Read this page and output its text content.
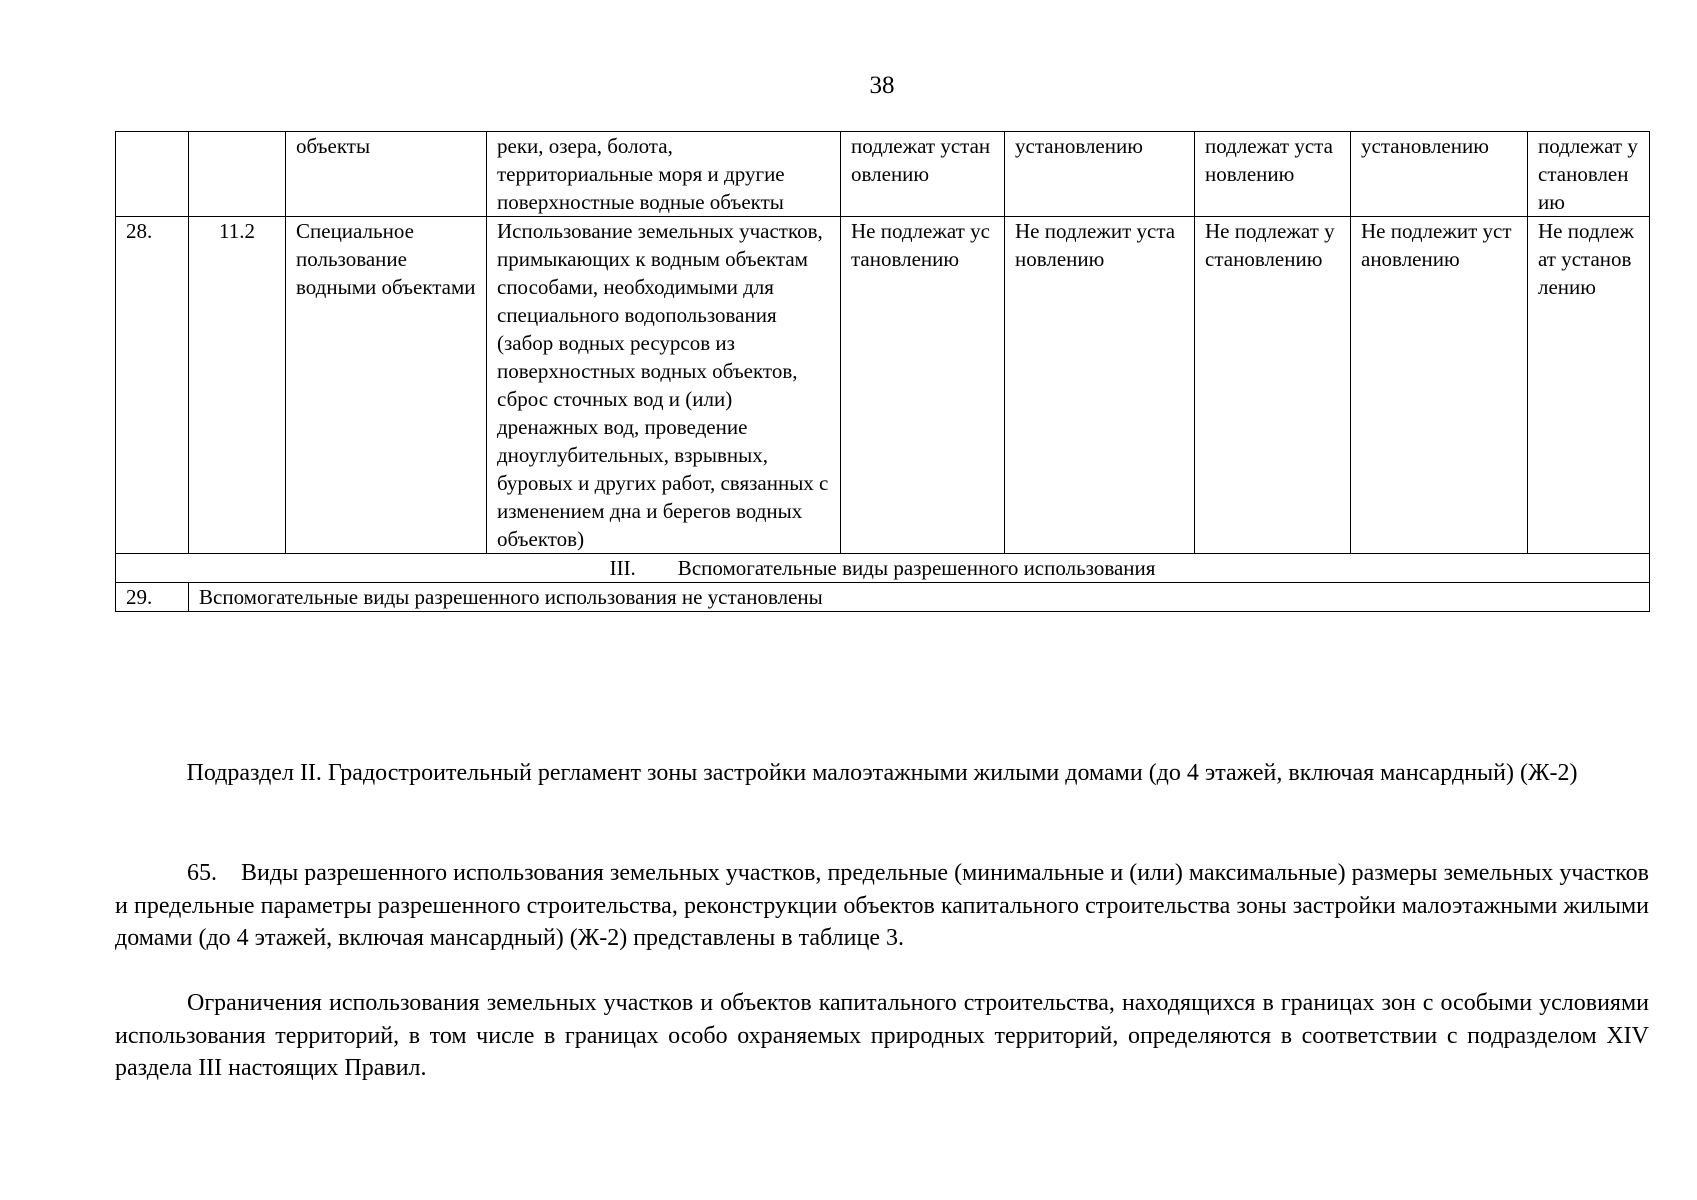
38
		объекты	реки, озера, болота, территориальные моря и другие поверхностные водные объекты	подлежат установлению	установлению	подлежат установлению	установлению	подлежат установлению
28.	11.2	Специальное пользование водными объектами	Использование земельных участков, примыкающих к водным объектам способами, необходимыми для специального водопользования (забор водных ресурсов из поверхностных водных объектов, сброс сточных вод и (или) дренажных вод, проведение дноуглубительных, взрывных, буровых и других работ, связанных с изменением дна и берегов водных объектов)	Не подлежат установлению	Не подлежит установлению	Не подлежат установлению	Не подлежит установлению	Не подлежат установлению
III.  Вспомогательные виды разрешенного использования								
29.	Вспомогательные виды разрешенного использования не установлены							
Подраздел II. Градостроительный регламент зоны застройки малоэтажными жилыми домами (до 4 этажей, включая мансардный) (Ж-2)

65. Виды разрешенного использования земельных участков, предельные (минимальные и (или) максимальные) размеры земельных участков и предельные параметры разрешенного строительства, реконструкции объектов капитального строительства зоны застройки малоэтажными жилыми домами (до 4 этажей, включая мансардный) (Ж-2) представлены в таблице 3.

Ограничения использования земельных участков и объектов капитального строительства, находящихся в границах зон с особыми условиями использования территорий, в том числе в границах особо охраняемых природных территорий, определяются в соответствии с подразделом XIV раздела III настоящих Правил.
